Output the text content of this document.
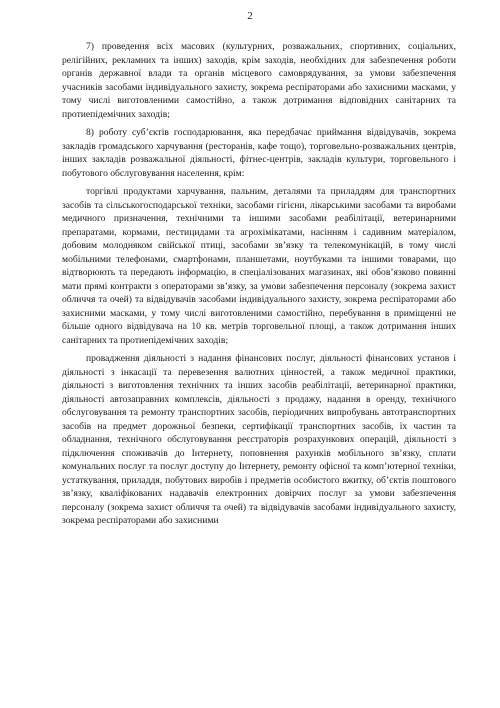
2

7) проведення всіх масових (культурних, розважальних, спортивних, соціальних, релігійних, рекламних та інших) заходів, крім заходів, необхідних для забезпечення роботи органів державної влади та органів місцевого самоврядування, за умови забезпечення учасників засобами індивідуального захисту, зокрема респіраторами або захисними масками, у тому числі виготовленими самостійно, а також дотримання відповідних санітарних та протиепідемічних заходів;

8) роботу суб’єктів господарювання, яка передбачає приймання відвідувачів, зокрема закладів громадського харчування (ресторанів, кафе тощо), торговельно-розважальних центрів, інших закладів розважальної діяльності, фітнес-центрів, закладів культури, торговельного і побутового обслуговування населення, крім:

торгівлі продуктами харчування, пальним, деталями та приладдям для транспортних засобів та сільськогосподарської техніки, засобами гігієни, лікарськими засобами та виробами медичного призначення, технічними та іншими засобами реабілітації, ветеринарними препаратами, кормами, пестицидами та агрохімікатами, насінням і садивним матеріалом, добовим молодняком свійської птиці, засобами зв’язку та телекомунікацій, в тому числі мобільними телефонами, смартфонами, планшетами, ноутбуками та іншими товарами, що відтворюють та передають інформацію, в спеціалізованих магазинах, які обов’язково повинні мати прямі контракти з операторами зв’язку, за умови забезпечення персоналу (зокрема захист обличчя та очей) та відвідувачів засобами індивідуального захисту, зокрема респіраторами або захисними масками, у тому числі виготовленими самостійно, перебування в приміщенні не більше одного відвідувача на 10 кв. метрів торговельної площі, а також дотримання інших санітарних та протиепідемічних заходів;

провадження діяльності з надання фінансових послуг, діяльності фінансових установ і діяльності з інкасації та перевезення валютних цінностей, а також медичної практики, діяльності з виготовлення технічних та інших засобів реабілітації, ветеринарної практики, діяльності автозаправних комплексів, діяльності з продажу, надання в оренду, технічного обслуговування та ремонту транспортних засобів, періодичних випробувань автотранспортних засобів на предмет дорожньої безпеки, сертифікації транспортних засобів, їх частин та обладнання, технічного обслуговування реєстраторів розрахункових операцій, діяльності з підключення споживачів до Інтернету, поповнення рахунків мобільного зв’язку, сплати комунальних послуг та послуг доступу до Інтернету, ремонту офісної та комп’ютерної техніки, устаткування, приладдя, побутових виробів і предметів особистого вжитку, об’єктів поштового зв’язку, кваліфікованих надавачів електронних довірчих послуг за умови забезпечення персоналу (зокрема захист обличчя та очей) та відвідувачів засобами індивідуального захисту, зокрема респіраторами або захисними
